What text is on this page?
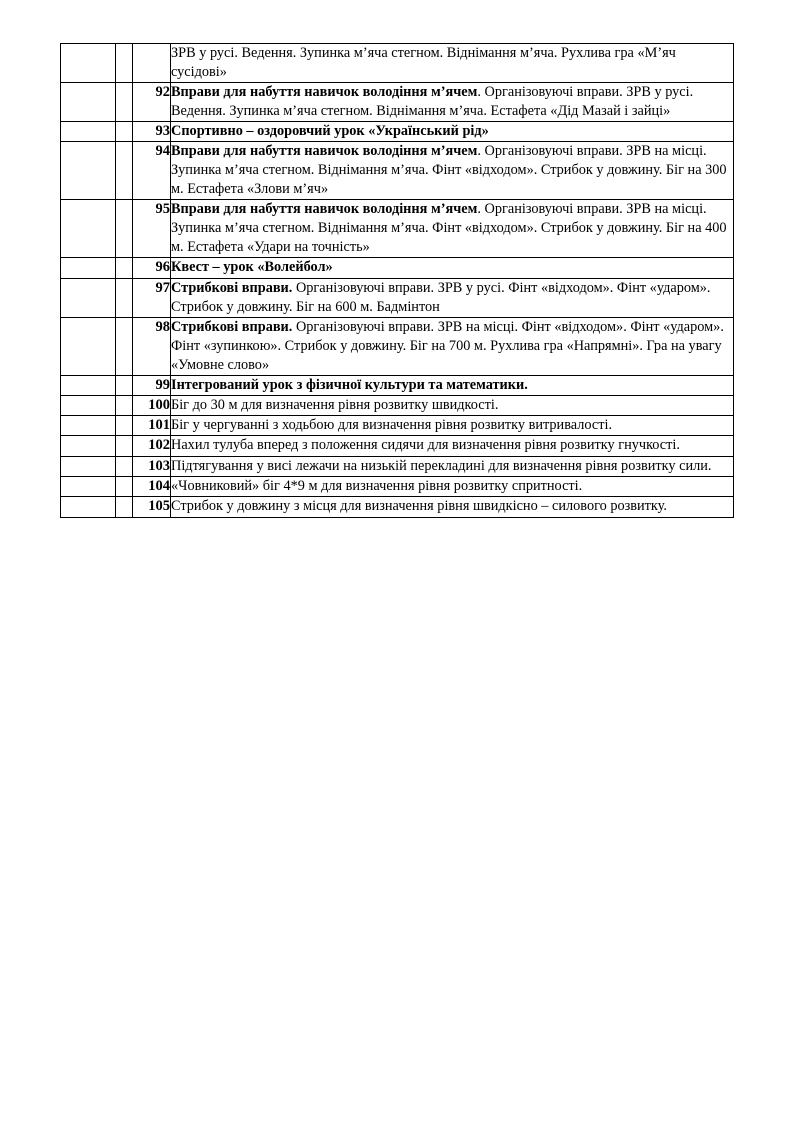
			ЗРВ у русі. Ведення. Зупинка м’яча стегном. Віднімання м’яча. Рухлива гра «М’яч сусідові»
		92	Вправи для набуття навичок володіння м’ячем. Організовуючі вправи. ЗРВ у русі. Ведення. Зупинка м’яча стегном. Віднімання м’яча. Естафета «Дід Мазай і зайці»
		93	Спортивно – оздоровчий урок «Український рід»
		94	Вправи для набуття навичок володіння м’ячем. Організовуючі вправи. ЗРВ на місці. Зупинка м’яча стегном. Віднімання м’яча. Фінт «відходом». Стрибок у довжину. Біг на 300 м. Естафета «Злови м’яч»
		95	Вправи для набуття навичок володіння м’ячем. Організовуючі вправи. ЗРВ на місці. Зупинка м’яча стегном. Віднімання м’яча. Фінт «відходом». Стрибок у довжину. Біг на 400 м. Естафета «Удари на точність»
		96	Квест – урок «Волейбол»
		97	Стрибкові вправи. Організовуючі вправи. ЗРВ у русі. Фінт «відходом». Фінт «ударом». Стрибок у довжину. Біг на 600 м. Бадмінтон
		98	Стрибкові вправи. Організовуючі вправи. ЗРВ на місці. Фінт «відходом». Фінт «ударом». Фінт «зупинкою». Стрибок у довжину. Біг на 700 м. Рухлива гра «Напрямні». Гра на увагу «Умовне слово»
		99	Інтегрований урок з фізичної культури та математики.
		100	Біг до 30 м для визначення рівня розвитку швидкості.
		101	Біг у чергуванні з ходьбою для визначення рівня розвитку витривалості.
		102	Нахил тулуба вперед з положення сидячи для визначення рівня розвитку гнучкості.
		103	Підтягування у висі лежачи на низькій перекладині для визначення рівня розвитку сили.
		104	«Човниковий» біг 4*9 м для визначення рівня розвитку спритності.
		105	Стрибок у довжину з місця для визначення рівня швидкісно – силового розвитку.
